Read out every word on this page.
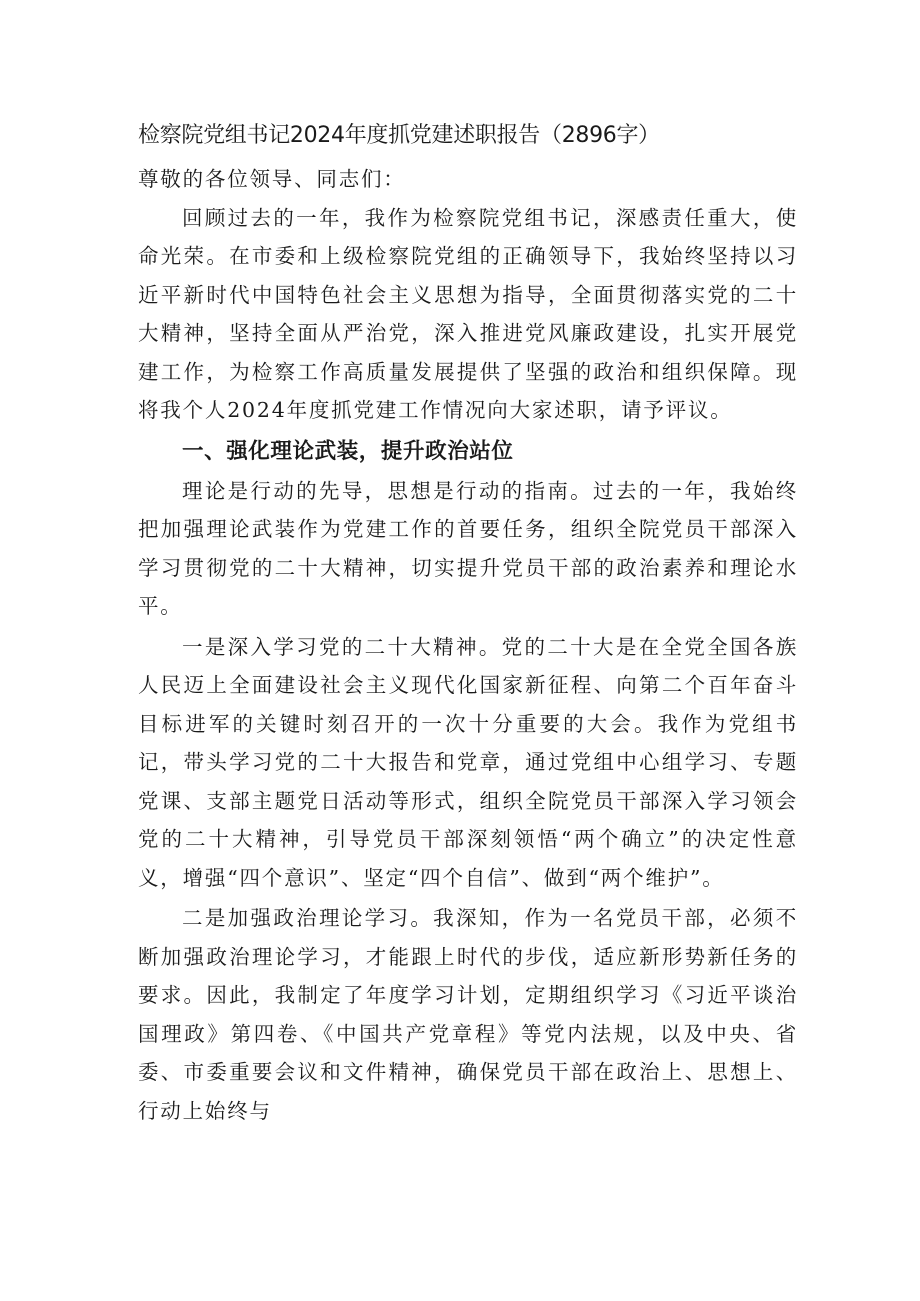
检察院党组书记2024年度抓党建述职报告（2896字）

尊敬的各位领导、同志们：

回顾过去的一年，我作为检察院党组书记，深感责任重大，使命光荣。在市委和上级检察院党组的正确领导下，我始终坚持以习近平新时代中国特色社会主义思想为指导，全面贯彻落实党的二十大精神，坚持全面从严治党，深入推进党风廉政建设，扎实开展党建工作，为检察工作高质量发展提供了坚强的政治和组织保障。现将我个人2024年度抓党建工作情况向大家述职，请予评议。

一、强化理论武装，提升政治站位

理论是行动的先导，思想是行动的指南。过去的一年，我始终把加强理论武装作为党建工作的首要任务，组织全院党员干部深入学习贯彻党的二十大精神，切实提升党员干部的政治素养和理论水平。

一是深入学习党的二十大精神。党的二十大是在全党全国各族人民迈上全面建设社会主义现代化国家新征程、向第二个百年奋斗目标进军的关键时刻召开的一次十分重要的大会。我作为党组书记，带头学习党的二十大报告和党章，通过党组中心组学习、专题党课、支部主题党日活动等形式，组织全院党员干部深入学习领会党的二十大精神，引导党员干部深刻领悟“两个确立”的决定性意义，增强“四个意识”、坚定“四个自信”、做到“两个维护”。

二是加强政治理论学习。我深知，作为一名党员干部，必须不断加强政治理论学习，才能跟上时代的步伐，适应新形势新任务的要求。因此，我制定了年度学习计划，定期组织学习《习近平谈治国理政》第四卷、《中国共产党章程》等党内法规，以及中央、省委、市委重要会议和文件精神，确保党员干部在政治上、思想上、行动上始终与
